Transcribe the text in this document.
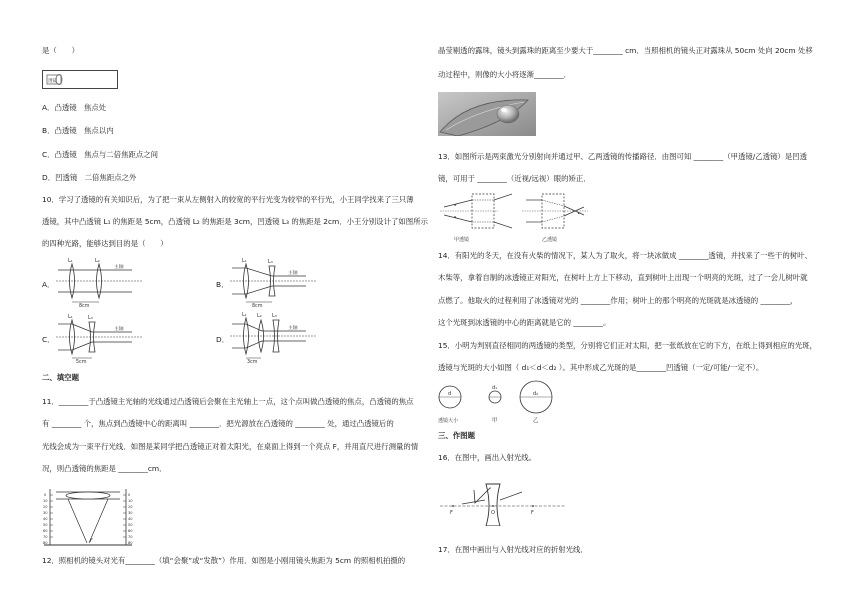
是（　　）
透镜
A．凸透镜　焦点处
B．凸透镜　焦点以内
C．凸透镜　焦点与二倍焦距点之间
D．凹透镜　二倍焦距点之外
10．学习了透镜的有关知识后，为了把一束从左侧射入的较宽的平行光变为较窄的平行光，小王同学找来了三只薄
透镜，其中凸透镜 L₁ 的焦距是 5cm，凸透镜 L₂ 的焦距是 3cm，凹透镜 L₃ 的焦距是 2cm．小王分别设计了如图所示
的四种光路，能够达到目的是（　　）
A．
L₁	L₂
主轴
8cm
B．
L₁	L₃
主轴
8cm
C．
L₁	L₃
主轴
5cm
D．
L₁ L₂ L₃
主轴
3cm
二、填空题
11．________于凸透镜主光轴的光线通过凸透镜后会聚在主光轴上一点，这个点叫做凸透镜的焦点，凸透镜的焦点
有 ________ 个，焦点到凸透镜中心的距离叫 ________．把光源放在凸透镜的 ________ 处，通过凸透镜后的
光线会成为一束平行光线．如图是某同学把凸透镜正对着太阳光，在桌面上得到一个亮点 F，并用直尺进行测量的情
况，则凸透镜的焦距是 ________cm．
0
10
20
30
40
50
60
70
80
0
10
20
30
40
50
60
70
80
F
12．照相机的镜头对光有________（填“会聚”或“发散”）作用．如图是小刚用镜头焦距为 5cm 的照相机拍摄的
晶莹剔透的露珠，镜头到露珠的距离至少要大于________ cm．当照相机的镜头正对露珠从 50cm 处向 20cm 处移
动过程中，则像的大小将逐渐________．
13．如图所示是两束激光分别射向并通过甲、乙两透镜的传播路径．由图可知 ________（甲透镜/乙透镜）是凹透
镜，可用于 ________（近视/远视）眼的矫正．
甲透镜	乙透镜
14．有阳光的冬天，在没有火柴的情况下，某人为了取火，将一块冰做成 ________透镜，并找来了一些干的树叶、
木柴等，拿着自制的冰透镜正对阳光，在树叶上方上下移动，直到树叶上出现一个明亮的光斑，过了一会儿树叶就
点燃了。他取火的过程利用了冰透镜对光的 ________作用；树叶上的那个明亮的光斑就是冰透镜的 ________，
这个光斑到冰透镜的中心的距离就是它的 ________。
15．小明为判别直径相同的两透镜的类型，分别将它们正对太阳，把一张纸放在它的下方，在纸上得到相应的光斑，
透镜与光斑的大小如图（ d₁＜d＜d₂ ）。其中形成乙光斑的是________凹透镜（一定/可能/一定不）。
d
d₁
d₂
透镜大小	甲	乙
三、作图题
16．在图中，画出入射光线。
F	O	F
17．在图中画出与入射光线对应的折射光线．
